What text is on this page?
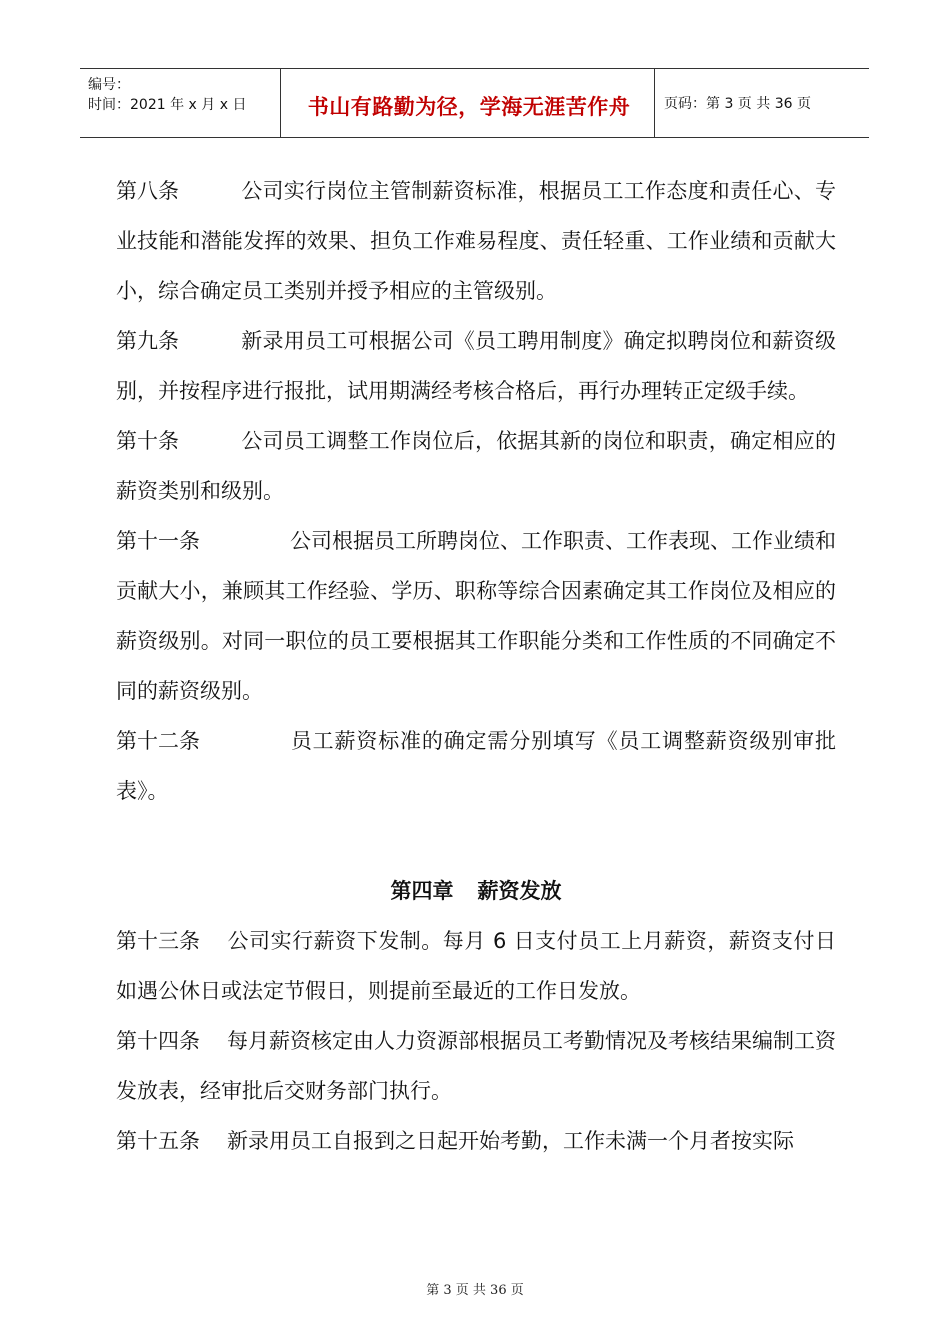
编号：
时间：2021 年 x 月 x 日	书山有路勤为径，学海无涯苦作舟	页码：第 3 页 共 36 页

第八条	公司实行岗位主管制薪资标准，根据员工工作态度和责任心、专业技能和潜能发挥的效果、担负工作难易程度、责任轻重、工作业绩和贡献大小，综合确定员工类别并授予相应的主管级别。

第九条	新录用员工可根据公司《员工聘用制度》确定拟聘岗位和薪资级别，并按程序进行报批，试用期满经考核合格后，再行办理转正定级手续。

第十条	公司员工调整工作岗位后，依据其新的岗位和职责，确定相应的薪资类别和级别。

第十一条	公司根据员工所聘岗位、工作职责、工作表现、工作业绩和贡献大小，兼顾其工作经验、学历、职称等综合因素确定其工作岗位及相应的薪资级别。对同一职位的员工要根据其工作职能分类和工作性质的不同确定不同的薪资级别。

第十二条	员工薪资标准的确定需分别填写《员工调整薪资级别审批表》。

第四章 薪资发放

第十三条 公司实行薪资下发制。每月 6 日支付员工上月薪资，薪资支付日如遇公休日或法定节假日，则提前至最近的工作日发放。

第十四条 每月薪资核定由人力资源部根据员工考勤情况及考核结果编制工资发放表，经审批后交财务部门执行。

第十五条 新录用员工自报到之日起开始考勤，工作未满一个月者按实际

第 3 页 共 36 页
